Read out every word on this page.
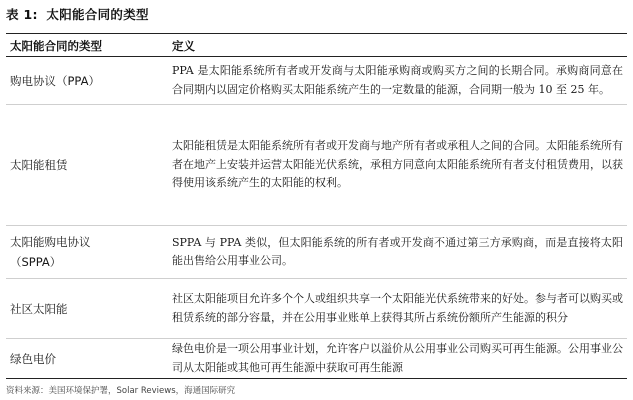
表 1: 太阳能合同的类型
太阳能合同的类型	定义
购电协议（PPA）
PPA 是太阳能系统所有者或开发商与太阳能承购商或购买方之间的长期合同。承购商同意在合同期内以固定价格购买太阳能系统产生的一定数量的能源，合同期一般为 10 至 25 年。
太阳能租赁
太阳能租赁是太阳能系统所有者或开发商与地产所有者或承租人之间的合同。太阳能系统所有者在地产上安装并运营太阳能光伏系统，承租方同意向太阳能系统所有者支付租赁费用，以获得使用该系统产生的太阳能的权利。
太阳能购电协议
（SPPA）
SPPA 与 PPA 类似，但太阳能系统的所有者或开发商不通过第三方承购商，而是直接将太阳能出售给公用事业公司。
社区太阳能
社区太阳能项目允许多个个人或组织共享一个太阳能光伏系统带来的好处。参与者可以购买或租赁系统的部分容量，并在公用事业账单上获得其所占系统份额所产生能源的积分
绿色电价
绿色电价是一项公用事业计划，允许客户以溢价从公用事业公司购买可再生能源。公用事业公司从太阳能或其他可再生能源中获取可再生能源
资料来源：美国环境保护署，Solar Reviews，海通国际研究
